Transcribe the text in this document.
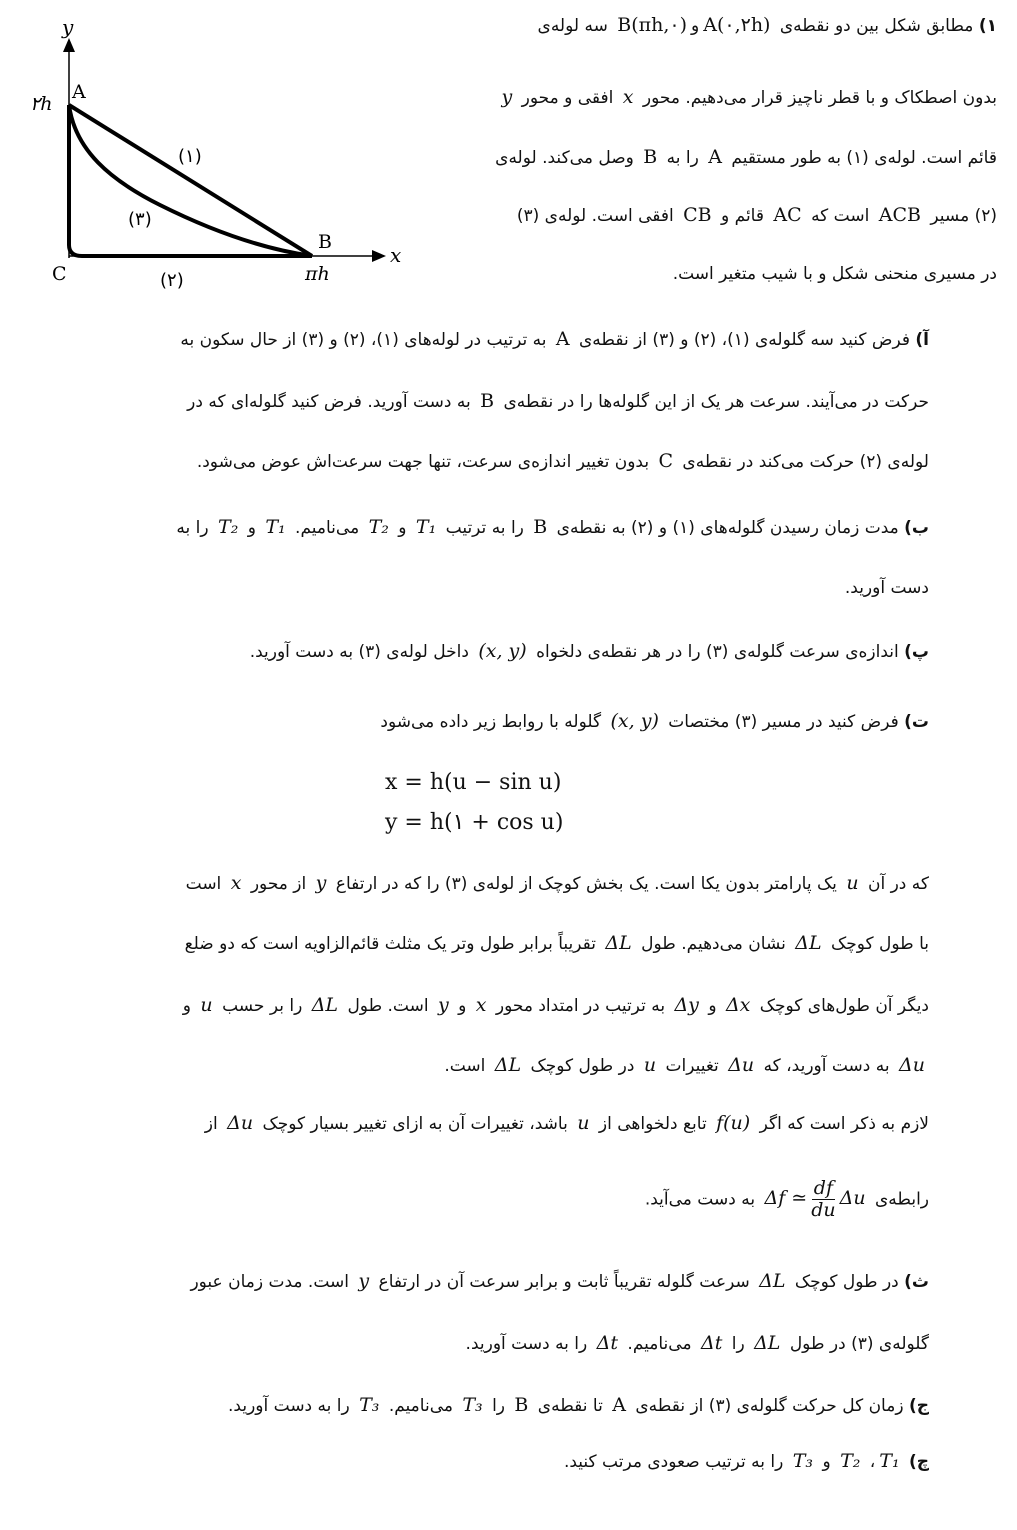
y
x
A
B
C
۲h
πh
(۱)
(۳)
(۲)
۱) مطابق شکل بین دو نقطه‌ی A(۰,۲h)وB(πh,۰) سه لوله‌ی
بدون اصطکاک و با قطر ناچیز قرار می‌دهیم. محور x افقی و محور y
قائم است. لوله‌ی (۱) به طور مستقیم A را به B وصل می‌کند. لوله‌ی
(۲) مسیر ACB است که AC قائم و CB افقی است. لوله‌ی (۳)
در مسیری منحنی شکل و با شیب متغیر است.
آ) فرض کنید سه گلوله‌ی (۱)، (۲) و (۳) از نقطه‌ی A به ترتیب در لوله‌های (۱)، (۲) و (۳) از حال سکون به
حرکت در می‌آیند. سرعت هر یک از این گلوله‌ها را در نقطه‌ی B به دست آورید. فرض کنید گلوله‌ای که در
لوله‌ی (۲) حرکت می‌کند در نقطه‌ی C بدون تغییر اندازه‌ی سرعت، تنها جهت سرعت‌اش عوض می‌شود.
ب) مدت زمان رسیدن گلوله‌های (۱) و (۲) به نقطه‌ی B را به ترتیب T₁ و T₂ می‌نامیم. T₁ و T₂ را به
دست آورید.
پ) اندازه‌ی سرعت گلوله‌ی (۳) را در هر نقطه‌ی دلخواه (x, y) داخل لوله‌ی (۳) به دست آورید.
ت) فرض کنید در مسیر (۳) مختصات (x, y) گلوله با روابط زیر داده می‌شود
x = h(u − sin u)
y = h(۱ + cos u)
که در آن u یک پارامتر بدون یکا است. یک بخش کوچک از لوله‌ی (۳) را که در ارتفاع y از محور x است
با طول کوچک ΔL نشان می‌دهیم. طول ΔL تقریباً برابر طول وتر یک مثلث قائم‌الزاویه است که دو ضلع
دیگر آن طول‌های کوچک Δx و Δy به ترتیب در امتداد محور x و y است. طول ΔL را بر حسب u و
Δu به دست آورید، که Δu تغییرات u در طول کوچک ΔL است.
لازم به ذکر است که اگر f(u) تابع دلخواهی از u باشد، تغییرات آن به ازای تغییر بسیار کوچک Δu از
رابطه‌ی Δf ≃ $\frac{df}{du}$ Δu به دست می‌آید.
ث) در طول کوچک ΔL سرعت گلوله تقریباً ثابت و برابر سرعت آن در ارتفاع y است. مدت زمان عبور
گلوله‌ی (۳) در طول ΔL را Δt می‌نامیم. Δt را به دست آورید.
ج) زمان کل حرکت گلوله‌ی (۳) از نقطه‌ی A تا نقطه‌ی B را T₃ می‌نامیم. T₃ را به دست آورید.
چ) T₁، T₂ و T₃ را به ترتیب صعودی مرتب کنید.
